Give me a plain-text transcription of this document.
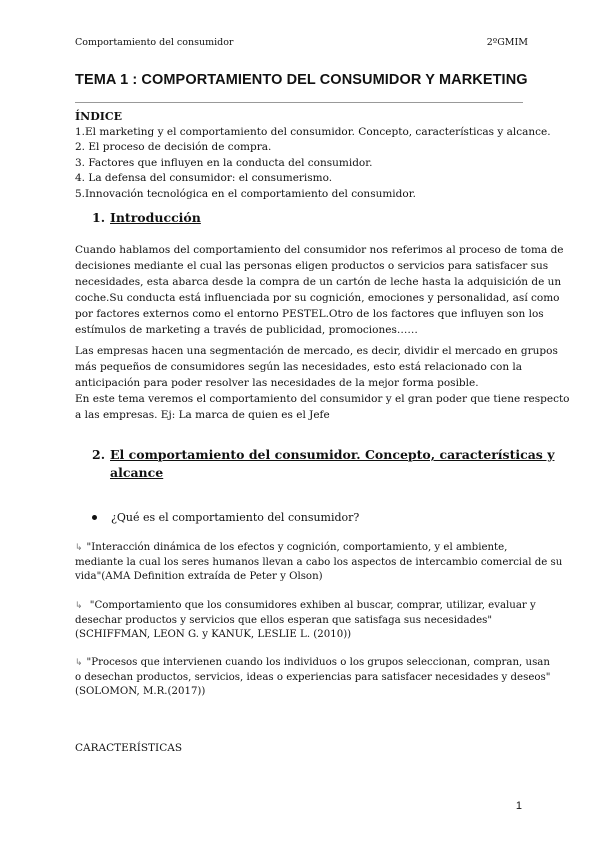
Comportamiento del consumidor	2ºGMIM
TEMA 1 : COMPORTAMIENTO DEL CONSUMIDOR Y MARKETING
ÍNDICE
1.El marketing y el comportamiento del consumidor. Concepto, características y alcance.
2. El proceso de decisión de compra.
3. Factores que influyen en la conducta del consumidor.
4. La defensa del consumidor: el consumerismo.
5.Innovación tecnológica en el comportamiento del consumidor.
1. Introducción
Cuando hablamos del comportamiento del consumidor nos referimos al proceso de toma de
decisiones mediante el cual las personas eligen productos o servicios para satisfacer sus
necesidades, esta abarca desde la compra de un cartón de leche hasta la adquisición de un
coche.Su conducta está influenciada por su cognición, emociones y personalidad, así como
por factores externos como el entorno PESTEL.Otro de los factores que influyen son los
estímulos de marketing a través de publicidad, promociones……
Las empresas hacen una segmentación de mercado, es decir, dividir el mercado en grupos
más pequeños de consumidores según las necesidades, esto está relacionado con la
anticipación para poder resolver las necesidades de la mejor forma posible.
En este tema veremos el comportamiento del consumidor y el gran poder que tiene respecto
a las empresas. Ej: La marca de quien es el Jefe
2. El comportamiento del consumidor. Concepto, características y
alcance
¿Qué es el comportamiento del consumidor?
↳ "Interacción dinámica de los efectos y cognición, comportamiento, y el ambiente,
mediante la cual los seres humanos llevan a cabo los aspectos de intercambio comercial de su
vida"(AMA Definition extraída de Peter y Olson)
↳ "Comportamiento que los consumidores exhiben al buscar, comprar, utilizar, evaluar y
desechar productos y servicios que ellos esperan que satisfaga sus necesidades"
(SCHIFFMAN, LEON G. y KANUK, LESLIE L. (2010))
↳ "Procesos que intervienen cuando los individuos o los grupos seleccionan, compran, usan
o desechan productos, servicios, ideas o experiencias para satisfacer necesidades y deseos"
(SOLOMON, M.R.(2017))
CARACTERÍSTICAS
1
